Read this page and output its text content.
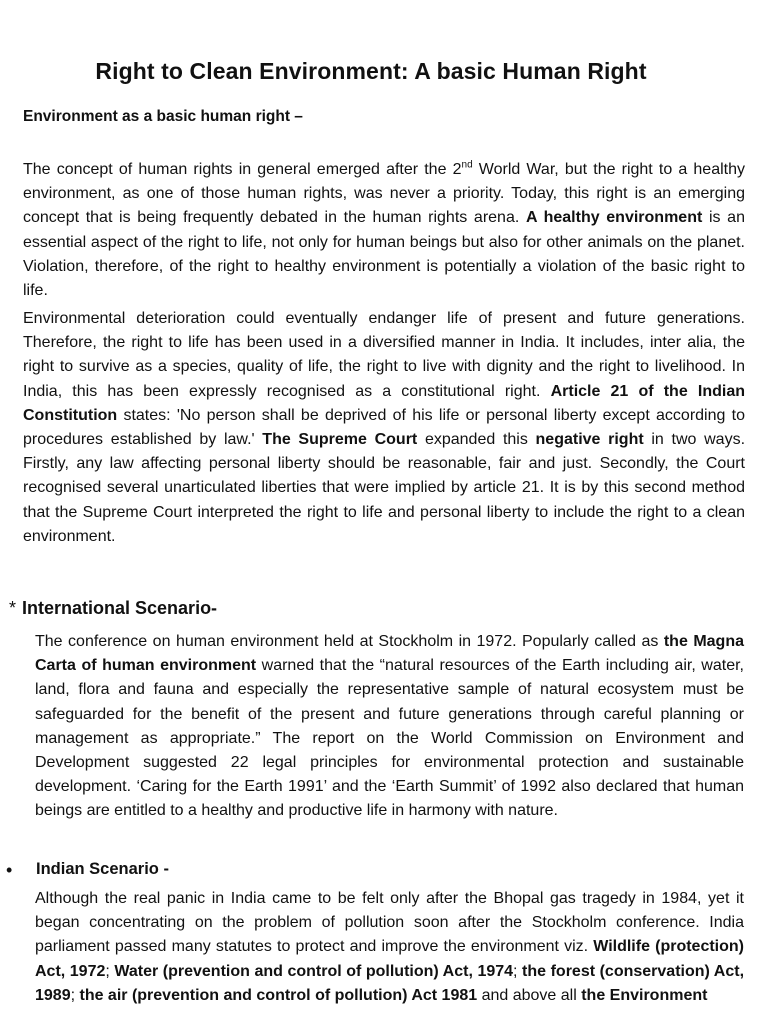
Right to Clean Environment: A basic Human Right
Environment as a basic human right –

The concept of human rights in general emerged after the 2nd World War, but the right to a healthy environment, as one of those human rights, was never a priority. Today, this right is an emerging concept that is being frequently debated in the human rights arena. A healthy environment is an essential aspect of the right to life, not only for human beings but also for other animals on the planet. Violation, therefore, of the right to healthy environment is potentially a violation of the basic right to life.

Environmental deterioration could eventually endanger life of present and future generations. Therefore, the right to life has been used in a diversified manner in India. It includes, inter alia, the right to survive as a species, quality of life, the right to live with dignity and the right to livelihood. In India, this has been expressly recognised as a constitutional right. Article 21 of the Indian Constitution states: 'No person shall be deprived of his life or personal liberty except according to procedures established by law.' The Supreme Court expanded this negative right in two ways. Firstly, any law affecting personal liberty should be reasonable, fair and just. Secondly, the Court recognised several unarticulated liberties that were implied by article 21. It is by this second method that the Supreme Court interpreted the right to life and personal liberty to include the right to a clean environment.

* International Scenario-

The conference on human environment held at Stockholm in 1972. Popularly called as the Magna Carta of human environment warned that the “natural resources of the Earth including air, water, land, flora and fauna and especially the representative sample of natural ecosystem must be safeguarded for the benefit of the present and future generations through careful planning or management as appropriate.” The report on the World Commission on Environment and Development suggested 22 legal principles for environmental protection and sustainable development. ‘Caring for the Earth 1991’ and the ‘Earth Summit’ of 1992 also declared that human beings are entitled to a healthy and productive life in harmony with nature.

• Indian Scenario -

Although the real panic in India came to be felt only after the Bhopal gas tragedy in 1984, yet it began concentrating on the problem of pollution soon after the Stockholm conference. India parliament passed many statutes to protect and improve the environment viz. Wildlife (protection) Act, 1972; Water (prevention and control of pollution) Act, 1974; the forest (conservation) Act, 1989; the air (prevention and control of pollution) Act 1981 and above all the Environment
